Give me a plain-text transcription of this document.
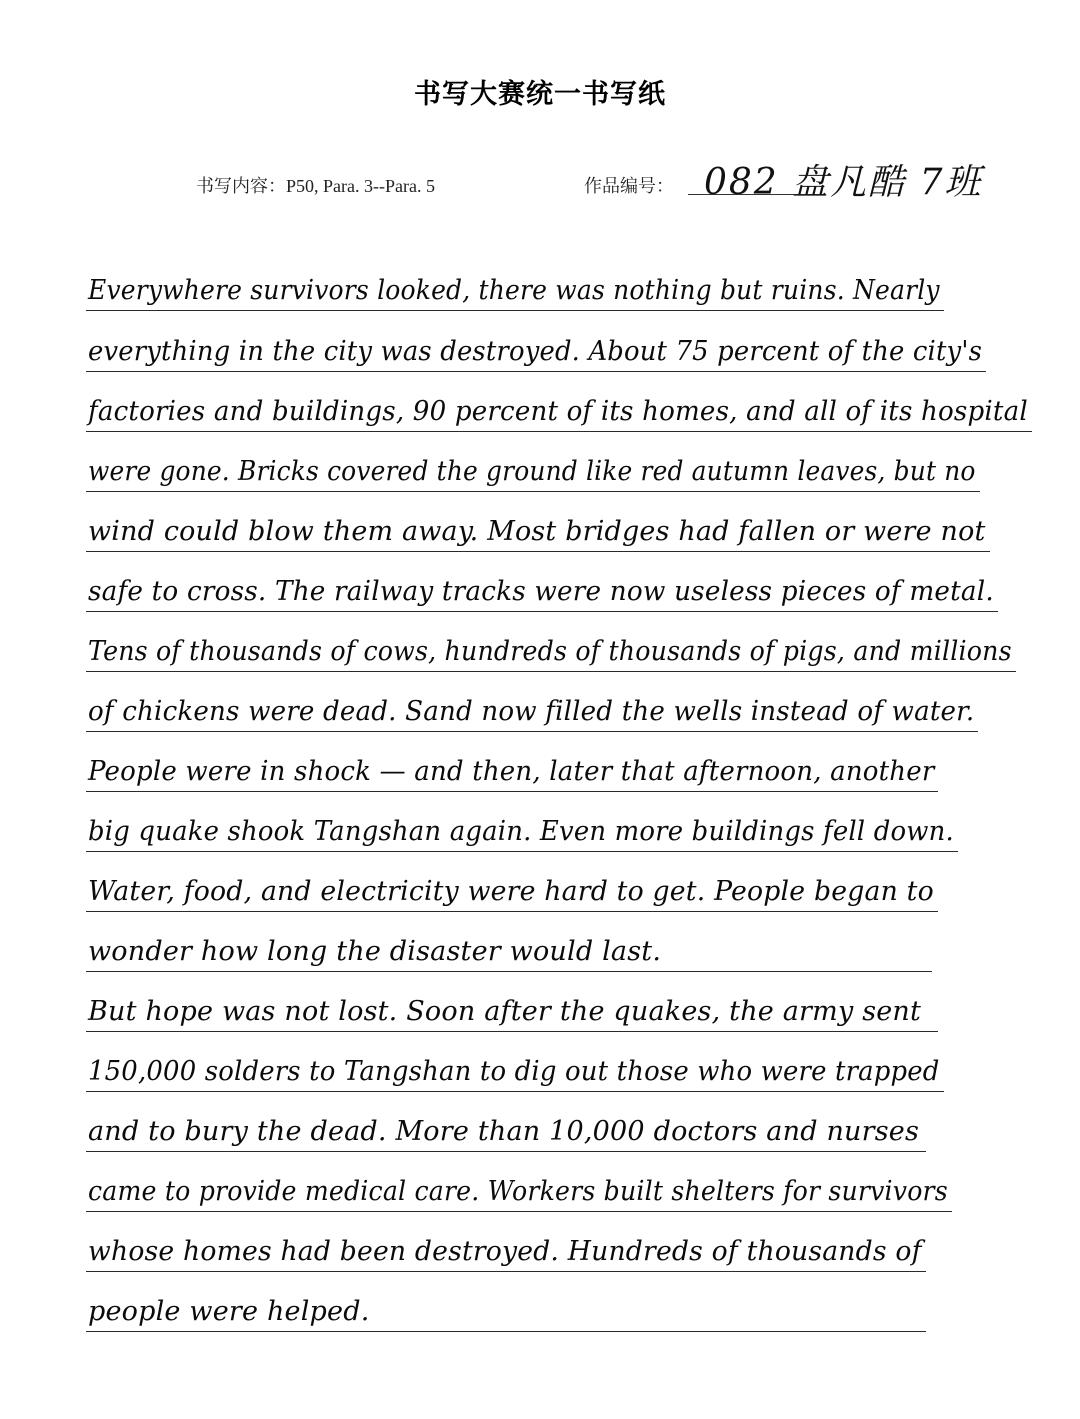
书写大赛统一书写纸
书写内容：P50, Para. 3--Para. 5	作品编号： 082 盘凡酷 7班
Everywhere survivors looked, there was nothing but ruins. Nearly
everything in the city was destroyed. About 75 percent of the city's
factories and buildings, 90 percent of its homes, and all of its hospital
were gone. Bricks covered the ground like red autumn leaves, but no
wind could blow them away. Most bridges had fallen or were not
safe to cross. The railway tracks were now useless pieces of metal.
Tens of thousands of cows, hundreds of thousands of pigs, and millions
of chickens were dead. Sand now filled the wells instead of water.
People were in shock — and then, later that afternoon, another
big quake shook Tangshan again. Even more buildings fell down.
Water, food, and electricity were hard to get. People began to
wonder how long the disaster would last.
But hope was not lost. Soon after the quakes, the army sent
150,000 solders to Tangshan to dig out those who were trapped
and to bury the dead. More than 10,000 doctors and nurses
came to provide medical care. Workers built shelters for survivors
whose homes had been destroyed. Hundreds of thousands of
people were helped.
